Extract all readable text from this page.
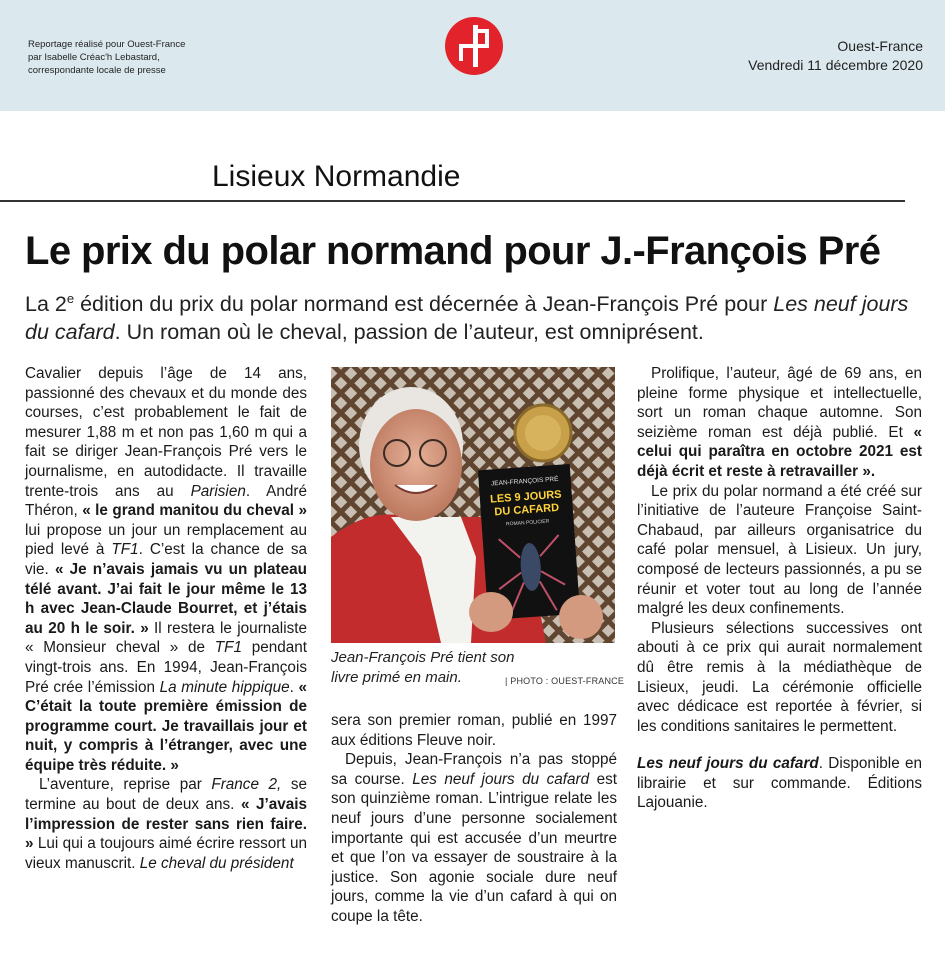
Reportage réalisé pour Ouest-France
par Isabelle Créac'h Lebastard,
correspondante locale de presse
Ouest-France
Vendredi 11 décembre 2020
Lisieux Normandie
Le prix du polar normand pour J.-François Pré
La 2e édition du prix du polar normand est décernée à Jean-François Pré pour Les neuf jours du cafard. Un roman où le cheval, passion de l’auteur, est omniprésent.

Cavalier depuis l’âge de 14 ans, passionné des chevaux et du monde des courses, c’est probablement le fait de mesurer 1,88 m et non pas 1,60 m qui a fait se diriger Jean-François Pré vers le journalisme, en autodidacte. Il travaille trente-trois ans au Parisien. André Théron, « le grand manitou du cheval » lui propose un jour un remplacement au pied levé à TF1. C’est la chance de sa vie. « Je n’avais jamais vu un plateau télé avant. J’ai fait le jour même le 13 h avec Jean-Claude Bourret, et j’étais au 20 h le soir. » Il restera le journaliste « Monsieur cheval » de TF1 pendant vingt-trois ans. En 1994, Jean-François Pré crée l’émission La minute hippique. « C’était la toute première émission de programme court. Je travaillais jour et nuit, y compris à l’étranger, avec une équipe très réduite. »

L’aventure, reprise par France 2, se termine au bout de deux ans. « J’avais l’impression de rester sans rien faire. » Lui qui a toujours aimé écrire ressort un vieux manuscrit. Le cheval du président

JEAN-FRANÇOIS PRÉ
LES 9 JOURS
DU CAFARD
ROMAN POLICIER
Jean-François Pré tient son livre primé en main.	| PHOTO : OUEST-FRANCE

sera son premier roman, publié en 1997 aux éditions Fleuve noir.

Depuis, Jean-François n’a pas stoppé sa course. Les neuf jours du cafard est son quinzième roman. L’intrigue relate les neuf jours d’une personne socialement importante qui est accusée d’un meurtre et que l’on va essayer de soustraire à la justice. Son agonie sociale dure neuf jours, comme la vie d’un cafard à qui on coupe la tête.

Prolifique, l’auteur, âgé de 69 ans, en pleine forme physique et intellectuelle, sort un roman chaque automne. Son seizième roman est déjà publié. Et « celui qui paraîtra en octobre 2021 est déjà écrit et reste à retravailler ».

Le prix du polar normand a été créé sur l’initiative de l’auteure Françoise Saint-Chabaud, par ailleurs organisatrice du café polar mensuel, à Lisieux. Un jury, composé de lecteurs passionnés, a pu se réunir et voter tout au long de l’année malgré les deux confinements.

Plusieurs sélections successives ont abouti à ce prix qui aurait normalement dû être remis à la médiathèque de Lisieux, jeudi. La cérémonie officielle avec dédicace est reportée à février, si les conditions sanitaires le permettent.

Les neuf jours du cafard. Disponible en librairie et sur commande. Éditions Lajouanie.
